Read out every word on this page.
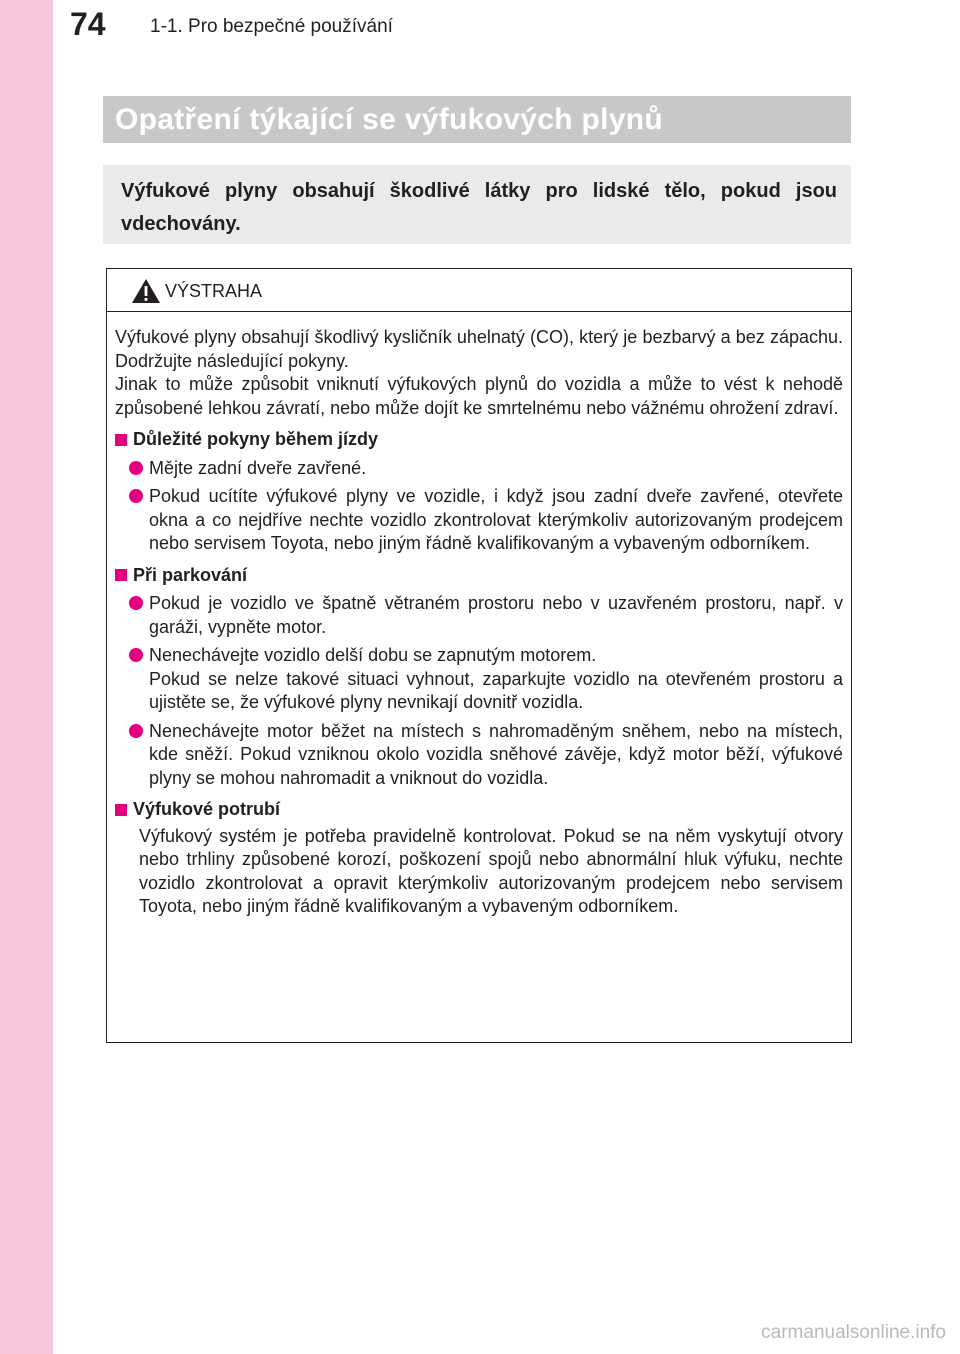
74 1-1. Pro bezpečné používání
Opatření týkající se výfukových plynů
Výfukové plyny obsahují škodlivé látky pro lidské tělo, pokud jsou vdechovány.
VÝSTRAHA

Výfukové plyny obsahují škodlivý kysličník uhelnatý (CO), který je bezbarvý a bez zápachu. Dodržujte následující pokyny.

Jinak to může způsobit vniknutí výfukových plynů do vozidla a může to vést k nehodě způsobené lehkou závratí, nebo může dojít ke smrtelnému nebo vážnému ohrožení zdraví.

Důležité pokyny během jízdy
Mějte zadní dveře zavřené.
Pokud ucítíte výfukové plyny ve vozidle, i když jsou zadní dveře zavřené, otevřete okna a co nejdříve nechte vozidlo zkontrolovat kterýmkoliv autorizovaným prodejcem nebo servisem Toyota, nebo jiným řádně kvalifikovaným a vybaveným odborníkem.
Při parkování
Pokud je vozidlo ve špatně větraném prostoru nebo v uzavřeném prostoru, např. v garáži, vypněte motor.
Nenechávejte vozidlo delší dobu se zapnutým motorem.
Pokud se nelze takové situaci vyhnout, zaparkujte vozidlo na otevřeném prostoru a ujistěte se, že výfukové plyny nevnikají dovnitř vozidla.
Nenechávejte motor běžet na místech s nahromaděným sněhem, nebo na místech, kde sněží. Pokud vzniknou okolo vozidla sněhové závěje, když motor běží, výfukové plyny se mohou nahromadit a vniknout do vozidla.
Výfukové potrubí

Výfukový systém je potřeba pravidelně kontrolovat. Pokud se na něm vyskytují otvory nebo trhliny způsobené korozí, poškození spojů nebo abnormální hluk výfuku, nechte vozidlo zkontrolovat a opravit kterýmkoliv autorizovaným prodejcem nebo servisem Toyota, nebo jiným řádně kvalifikovaným a vybaveným odborníkem.

carmanualsonline.info
